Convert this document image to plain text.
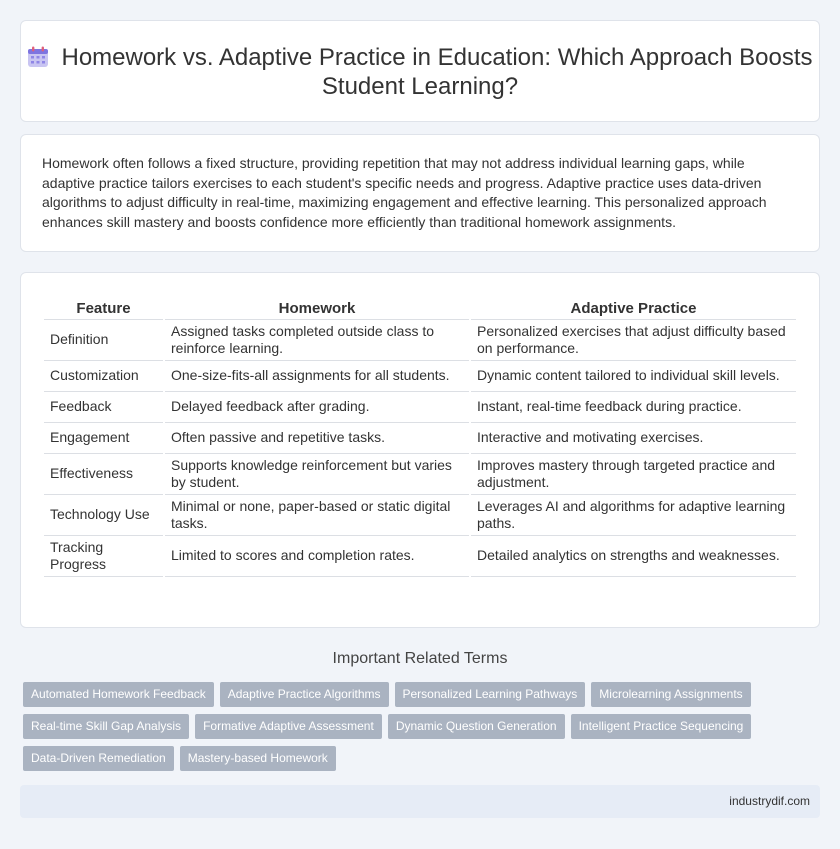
Homework vs. Adaptive Practice in Education: Which Approach Boosts Student Learning?

Homework often follows a fixed structure, providing repetition that may not address individual learning gaps, while adaptive practice tailors exercises to each student's specific needs and progress. Adaptive practice uses data-driven algorithms to adjust difficulty in real-time, maximizing engagement and effective learning. This personalized approach enhances skill mastery and boosts confidence more efficiently than traditional homework assignments.

Feature	Homework	Adaptive Practice
Definition	Assigned tasks completed outside class to reinforce learning.	Personalized exercises that adjust difficulty based on performance.
Customization	One-size-fits-all assignments for all students.	Dynamic content tailored to individual skill levels.
Feedback	Delayed feedback after grading.	Instant, real-time feedback during practice.
Engagement	Often passive and repetitive tasks.	Interactive and motivating exercises.
Effectiveness	Supports knowledge reinforcement but varies by student.	Improves mastery through targeted practice and adjustment.
Technology Use	Minimal or none, paper-based or static digital tasks.	Leverages AI and algorithms for adaptive learning paths.
Tracking Progress	Limited to scores and completion rates.	Detailed analytics on strengths and weaknesses.
Important Related Terms
Automated Homework Feedback	Adaptive Practice Algorithms	Personalized Learning Pathways	Microlearning Assignments
Real-time Skill Gap Analysis	Formative Adaptive Assessment	Dynamic Question Generation	Intelligent Practice Sequencing
Data-Driven Remediation	Mastery-based Homework
industrydif.com
